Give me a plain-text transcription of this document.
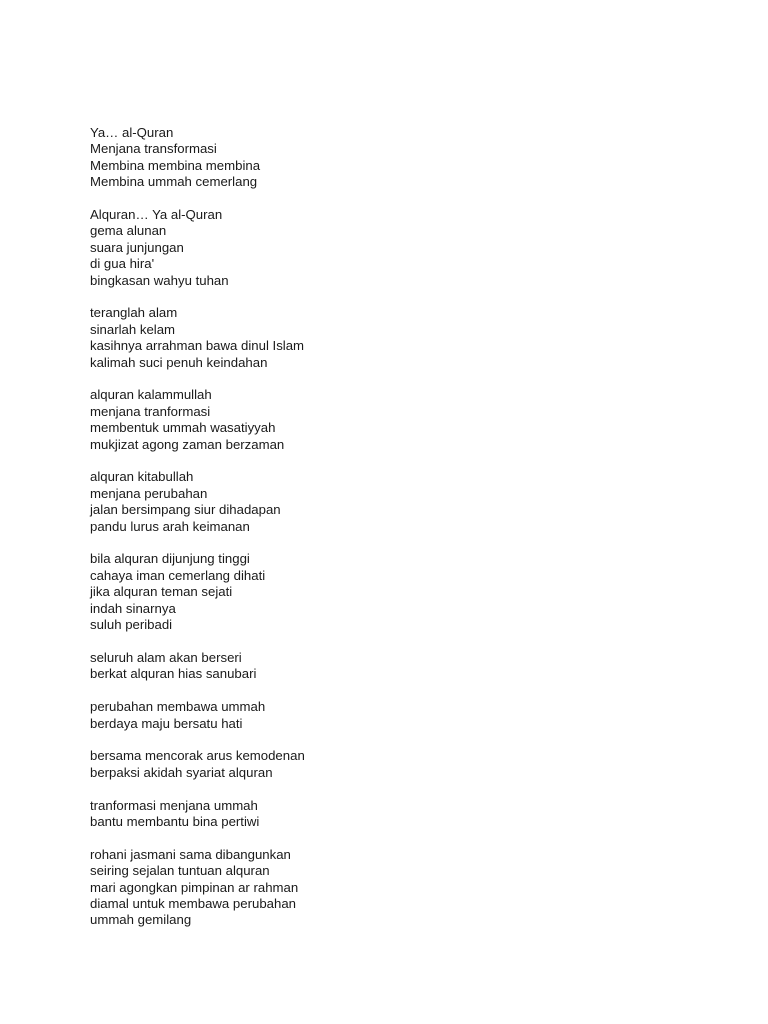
Ya… al-Quran
Menjana transformasi
Membina membina membina
Membina ummah cemerlang
Alquran… Ya al-Quran
gema alunan
suara junjungan
di gua hira'
bingkasan wahyu tuhan
teranglah alam
sinarlah kelam
kasihnya arrahman bawa dinul Islam
kalimah suci penuh keindahan
alquran kalammullah
menjana tranformasi
membentuk ummah wasatiyyah
mukjizat agong zaman berzaman
alquran kitabullah
menjana perubahan
jalan bersimpang siur dihadapan
pandu lurus arah keimanan
bila alquran dijunjung tinggi
cahaya iman cemerlang dihati
jika alquran teman sejati
indah sinarnya
suluh peribadi
seluruh alam akan berseri
berkat alquran hias sanubari
perubahan membawa ummah
berdaya maju bersatu hati
bersama mencorak arus kemodenan
berpaksi akidah syariat alquran
tranformasi menjana ummah
bantu membantu bina pertiwi
rohani jasmani sama dibangunkan
seiring sejalan tuntuan alquran
mari agongkan pimpinan ar rahman
diamal untuk membawa perubahan
ummah gemilang
